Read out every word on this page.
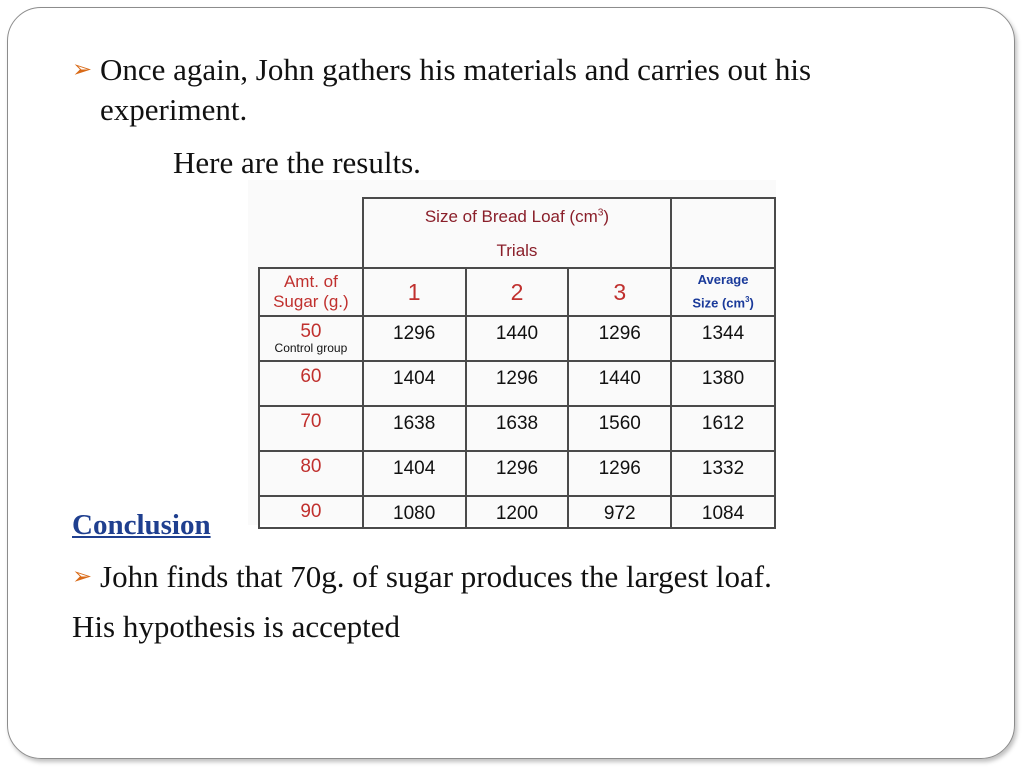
➢ Once again, John gathers his materials and carries out his experiment.
Here are the results.

	Size of Bread Loaf $(cm^3)$
Trials			

Amt. of Sugar (g.)	1	2	3	Average
Size $(cm^3)$

50
Control group	1296	1440	1296	1344
60	1404	1296	1440	1380
70	1638	1638	1560	1612
80	1404	1296	1296	1332
90	1080	1200	972	1084
Conclusion
➢ John finds that 70g. of sugar produces the largest loaf.
His hypothesis is accepted
